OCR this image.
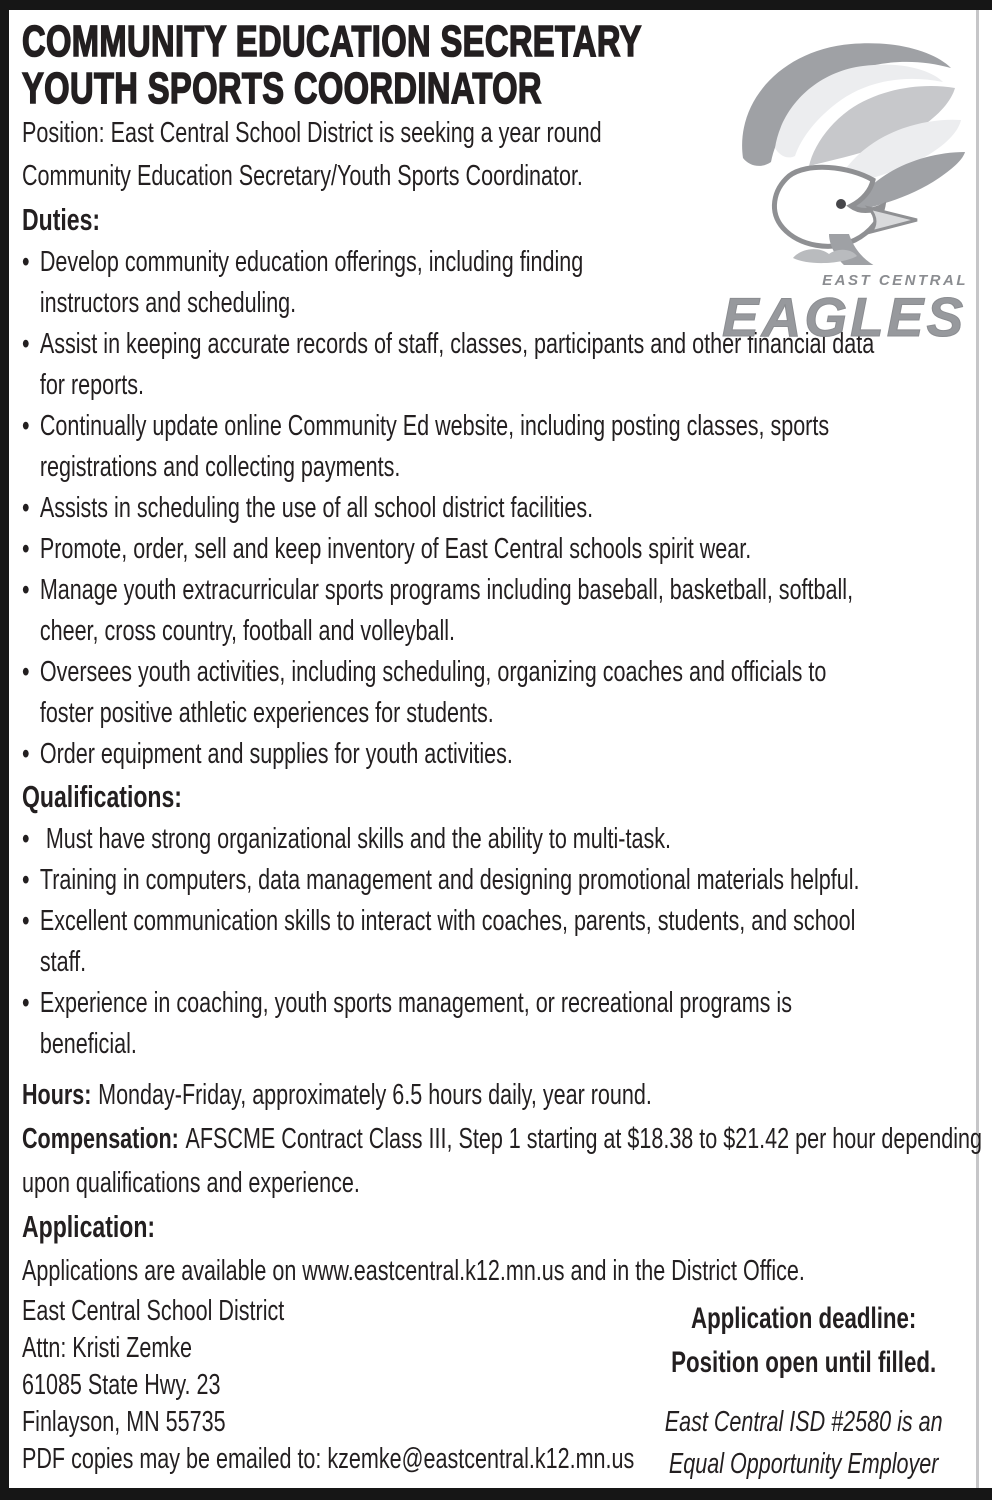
COMMUNITY EDUCATION SECRETARY
YOUTH SPORTS COORDINATOR
Position: East Central School District is seeking a year round
Community Education Secretary/Youth Sports Coordinator.
Duties:
• Develop community education offerings, including finding
instructors and scheduling.
• Assist in keeping accurate records of staff, classes, participants and other financial data
for reports.
• Continually update online Community Ed website, including posting classes, sports
registrations and collecting payments.
• Assists in scheduling the use of all school district facilities.
• Promote, order, sell and keep inventory of East Central schools spirit wear.
• Manage youth extracurricular sports programs including baseball, basketball, softball,
cheer, cross country, football and volleyball.
• Oversees youth activities, including scheduling, organizing coaches and officials to
foster positive athletic experiences for students.
• Order equipment and supplies for youth activities.
Qualifications:
• Must have strong organizational skills and the ability to multi-task.
• Training in computers, data management and designing promotional materials helpful.
• Excellent communication skills to interact with coaches, parents, students, and school
staff.
• Experience in coaching, youth sports management, or recreational programs is
beneficial.
Hours: Monday-Friday, approximately 6.5 hours daily, year round.
Compensation: AFSCME Contract Class III, Step 1 starting at $18.38 to $21.42 per hour depending
upon qualifications and experience.
Application:
Applications are available on www.eastcentral.k12.mn.us and in the District Office.
East Central School District
Attn: Kristi Zemke
61085 State Hwy. 23
Finlayson, MN 55735
PDF copies may be emailed to: kzemke@eastcentral.k12.mn.us
Application deadline:
Position open until filled.
East Central ISD #2580 is an
Equal Opportunity Employer
EAST CENTRAL
EAGLES
